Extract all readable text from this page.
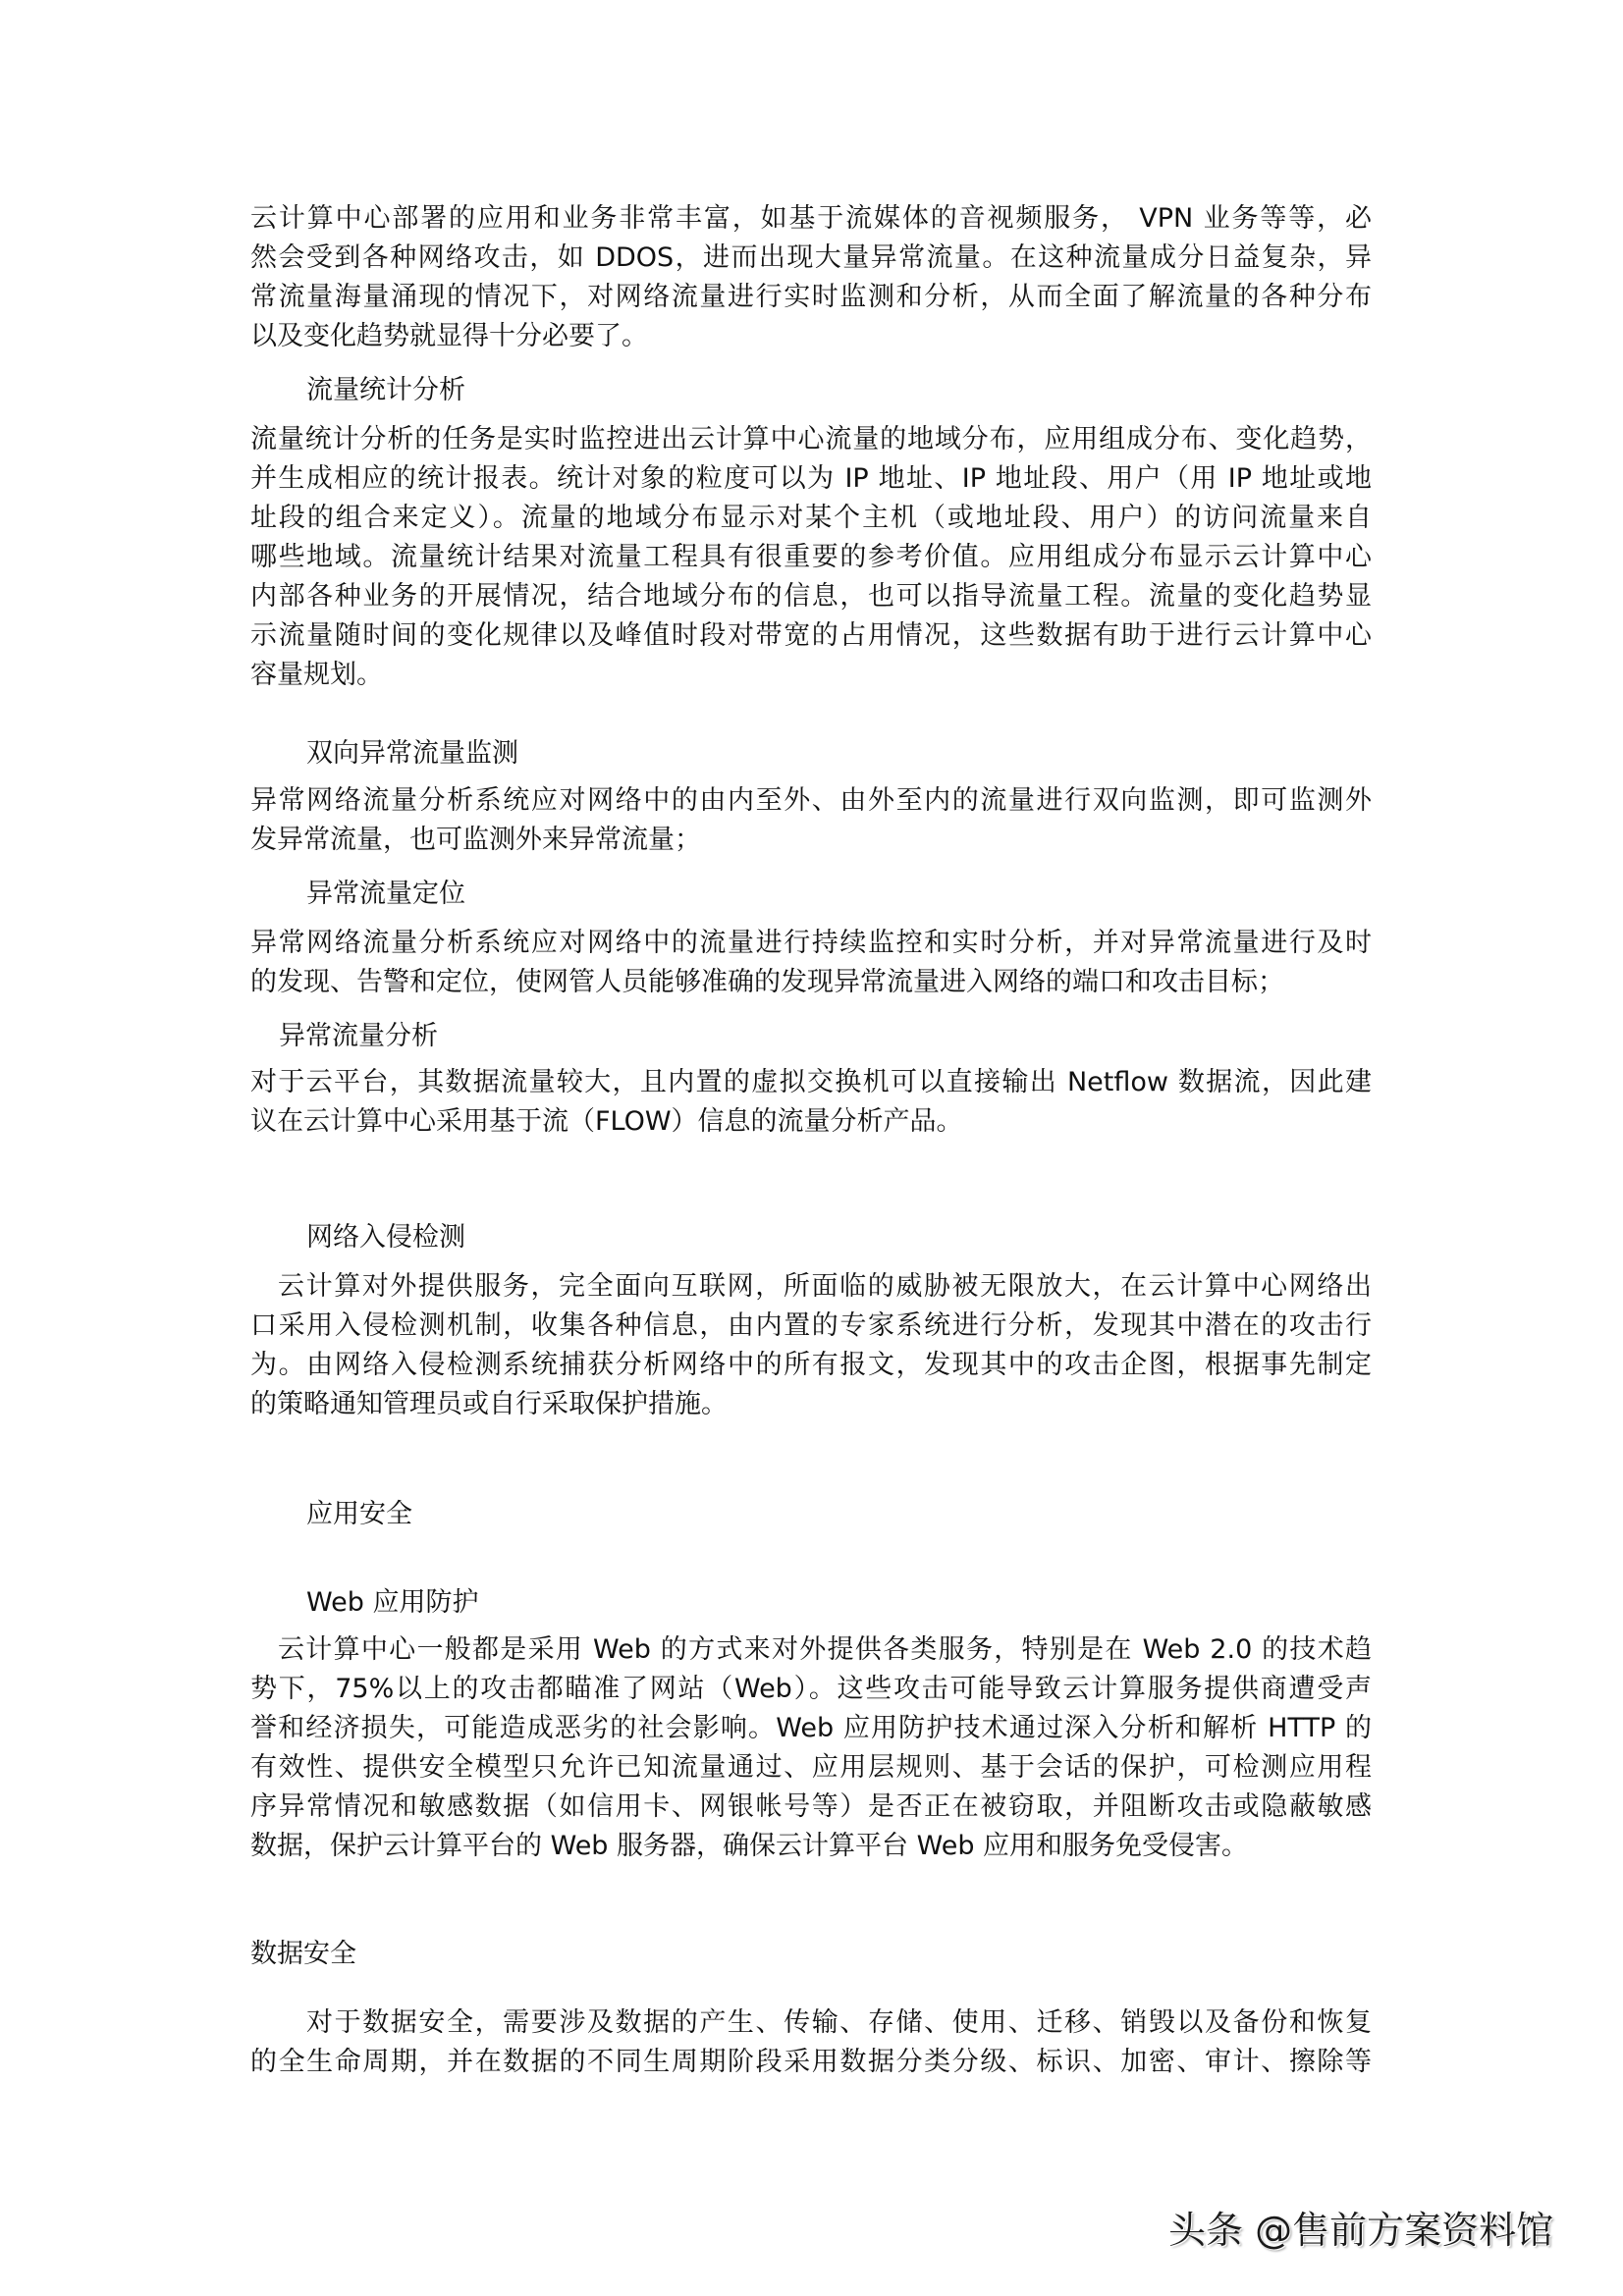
云计算中心部署的应用和业务非常丰富，如基于流媒体的音视频服务， VPN 业务等等，必
然会受到各种网络攻击，如 DDOS，进而出现大量异常流量。在这种流量成分日益复杂，异
常流量海量涌现的情况下，对网络流量进行实时监测和分析，从而全面了解流量的各种分布
以及变化趋势就显得十分必要了。
流量统计分析
流量统计分析的任务是实时监控进出云计算中心流量的地域分布，应用组成分布、变化趋势，
并生成相应的统计报表。统计对象的粒度可以为 IP 地址、IP 地址段、用户（用 IP 地址或地
址段的组合来定义）。流量的地域分布显示对某个主机（或地址段、用户）的访问流量来自
哪些地域。流量统计结果对流量工程具有很重要的参考价值。应用组成分布显示云计算中心
内部各种业务的开展情况，结合地域分布的信息，也可以指导流量工程。流量的变化趋势显
示流量随时间的变化规律以及峰值时段对带宽的占用情况，这些数据有助于进行云计算中心
容量规划。
双向异常流量监测
异常网络流量分析系统应对网络中的由内至外、由外至内的流量进行双向监测，即可监测外
发异常流量，也可监测外来异常流量；
异常流量定位
异常网络流量分析系统应对网络中的流量进行持续监控和实时分析，并对异常流量进行及时
的发现、告警和定位，使网管人员能够准确的发现异常流量进入网络的端口和攻击目标；
异常流量分析
对于云平台，其数据流量较大，且内置的虚拟交换机可以直接输出 Netflow 数据流，因此建
议在云计算中心采用基于流（FLOW）信息的流量分析产品。
网络入侵检测
云计算对外提供服务，完全面向互联网，所面临的威胁被无限放大，在云计算中心网络出
口采用入侵检测机制，收集各种信息，由内置的专家系统进行分析，发现其中潜在的攻击行
为。由网络入侵检测系统捕获分析网络中的所有报文，发现其中的攻击企图，根据事先制定
的策略通知管理员或自行采取保护措施。
应用安全
Web 应用防护
云计算中心一般都是采用 Web 的方式来对外提供各类服务，特别是在 Web 2.0 的技术趋
势下，75%以上的攻击都瞄准了网站（Web）。这些攻击可能导致云计算服务提供商遭受声
誉和经济损失，可能造成恶劣的社会影响。Web 应用防护技术通过深入分析和解析 HTTP 的
有效性、提供安全模型只允许已知流量通过、应用层规则、基于会话的保护，可检测应用程
序异常情况和敏感数据（如信用卡、网银帐号等）是否正在被窃取，并阻断攻击或隐蔽敏感
数据，保护云计算平台的 Web 服务器，确保云计算平台 Web 应用和服务免受侵害。
数据安全
对于数据安全，需要涉及数据的产生、传输、存储、使用、迁移、销毁以及备份和恢复
的全生命周期，并在数据的不同生周期阶段采用数据分类分级、标识、加密、审计、擦除等
头条 @售前方案资料馆
